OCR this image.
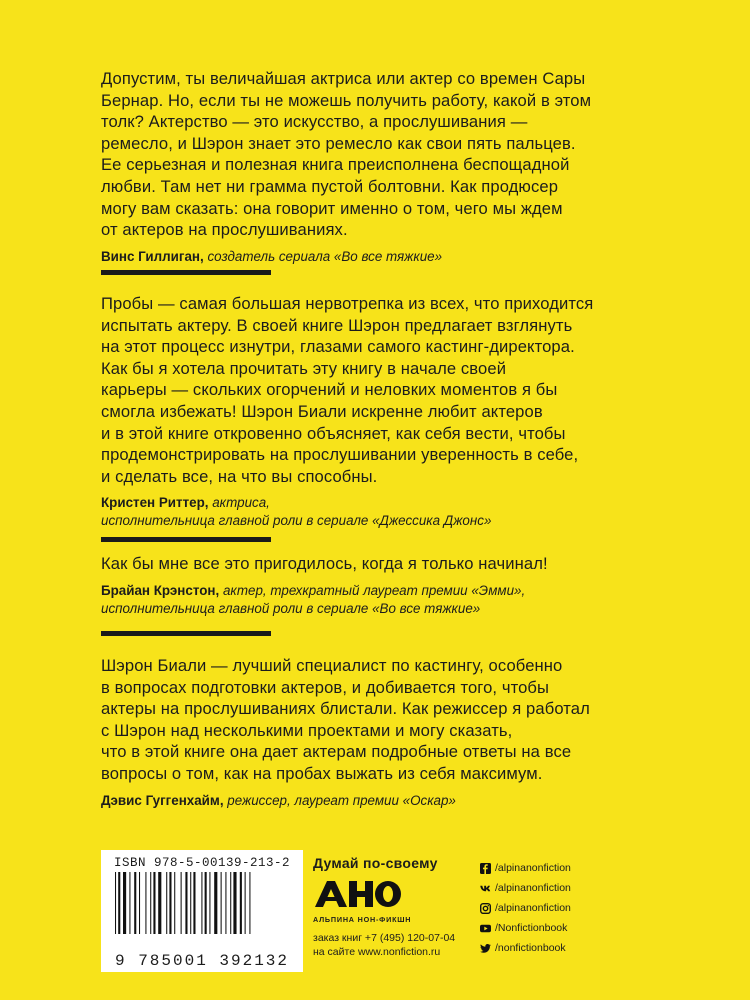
Допустим, ты величайшая актриса или актер со времен Сары
Бернар. Но, если ты не можешь получить работу, какой в этом
толк? Актерство — это искусство, а прослушивания —
ремесло, и Шэрон знает это ремесло как свои пять пальцев.
Ее серьезная и полезная книга преисполнена беспощадной
любви. Там нет ни грамма пустой болтовни. Как продюсер
могу вам сказать: она говорит именно о том, чего мы ждем
от актеров на прослушиваниях.

Винс Гиллиган, создатель сериала «Во все тяжкие»

Пробы — самая большая нервотрепка из всех, что приходится
испытать актеру. В своей книге Шэрон предлагает взглянуть
на этот процесс изнутри, глазами самого кастинг-директора.
Как бы я хотела прочитать эту книгу в начале своей
карьеры — скольких огорчений и неловких моментов я бы
смогла избежать! Шэрон Биали искренне любит актеров
и в этой книге откровенно объясняет, как себя вести, чтобы
продемонстрировать на прослушивании уверенность в себе,
и сделать все, на что вы способны.

Кристен Риттер, актриса,
исполнительница главной роли в сериале «Джессика Джонс»

Как бы мне все это пригодилось, когда я только начинал!

Брайан Крэнстон, актер, трехкратный лауреат премии «Эмми»,
исполнительница главной роли в сериале «Во все тяжкие»

Шэрон Биали — лучший специалист по кастингу, особенно
в вопросах подготовки актеров, и добивается того, чтобы
актеры на прослушиваниях блистали. Как режиссер я работал
с Шэрон над несколькими проектами и могу сказать,
что в этой книге она дает актерам подробные ответы на все
вопросы о том, как на пробах выжать из себя максимум.

Дэвис Гуггенхайм, режиссер, лауреат премии «Оскар»
ISBN 978-5-00139-213-2
9 785001 392132
Думай по-своему
АЛЬПИНА НОН-ФИКШН
заказ книг +7 (495) 120-07-04
на сайте www.nonfiction.ru
/alpinanonfiction
/alpinanonfiction
/alpinanonfiction
/Nonfictionbook
/nonfictionbook
